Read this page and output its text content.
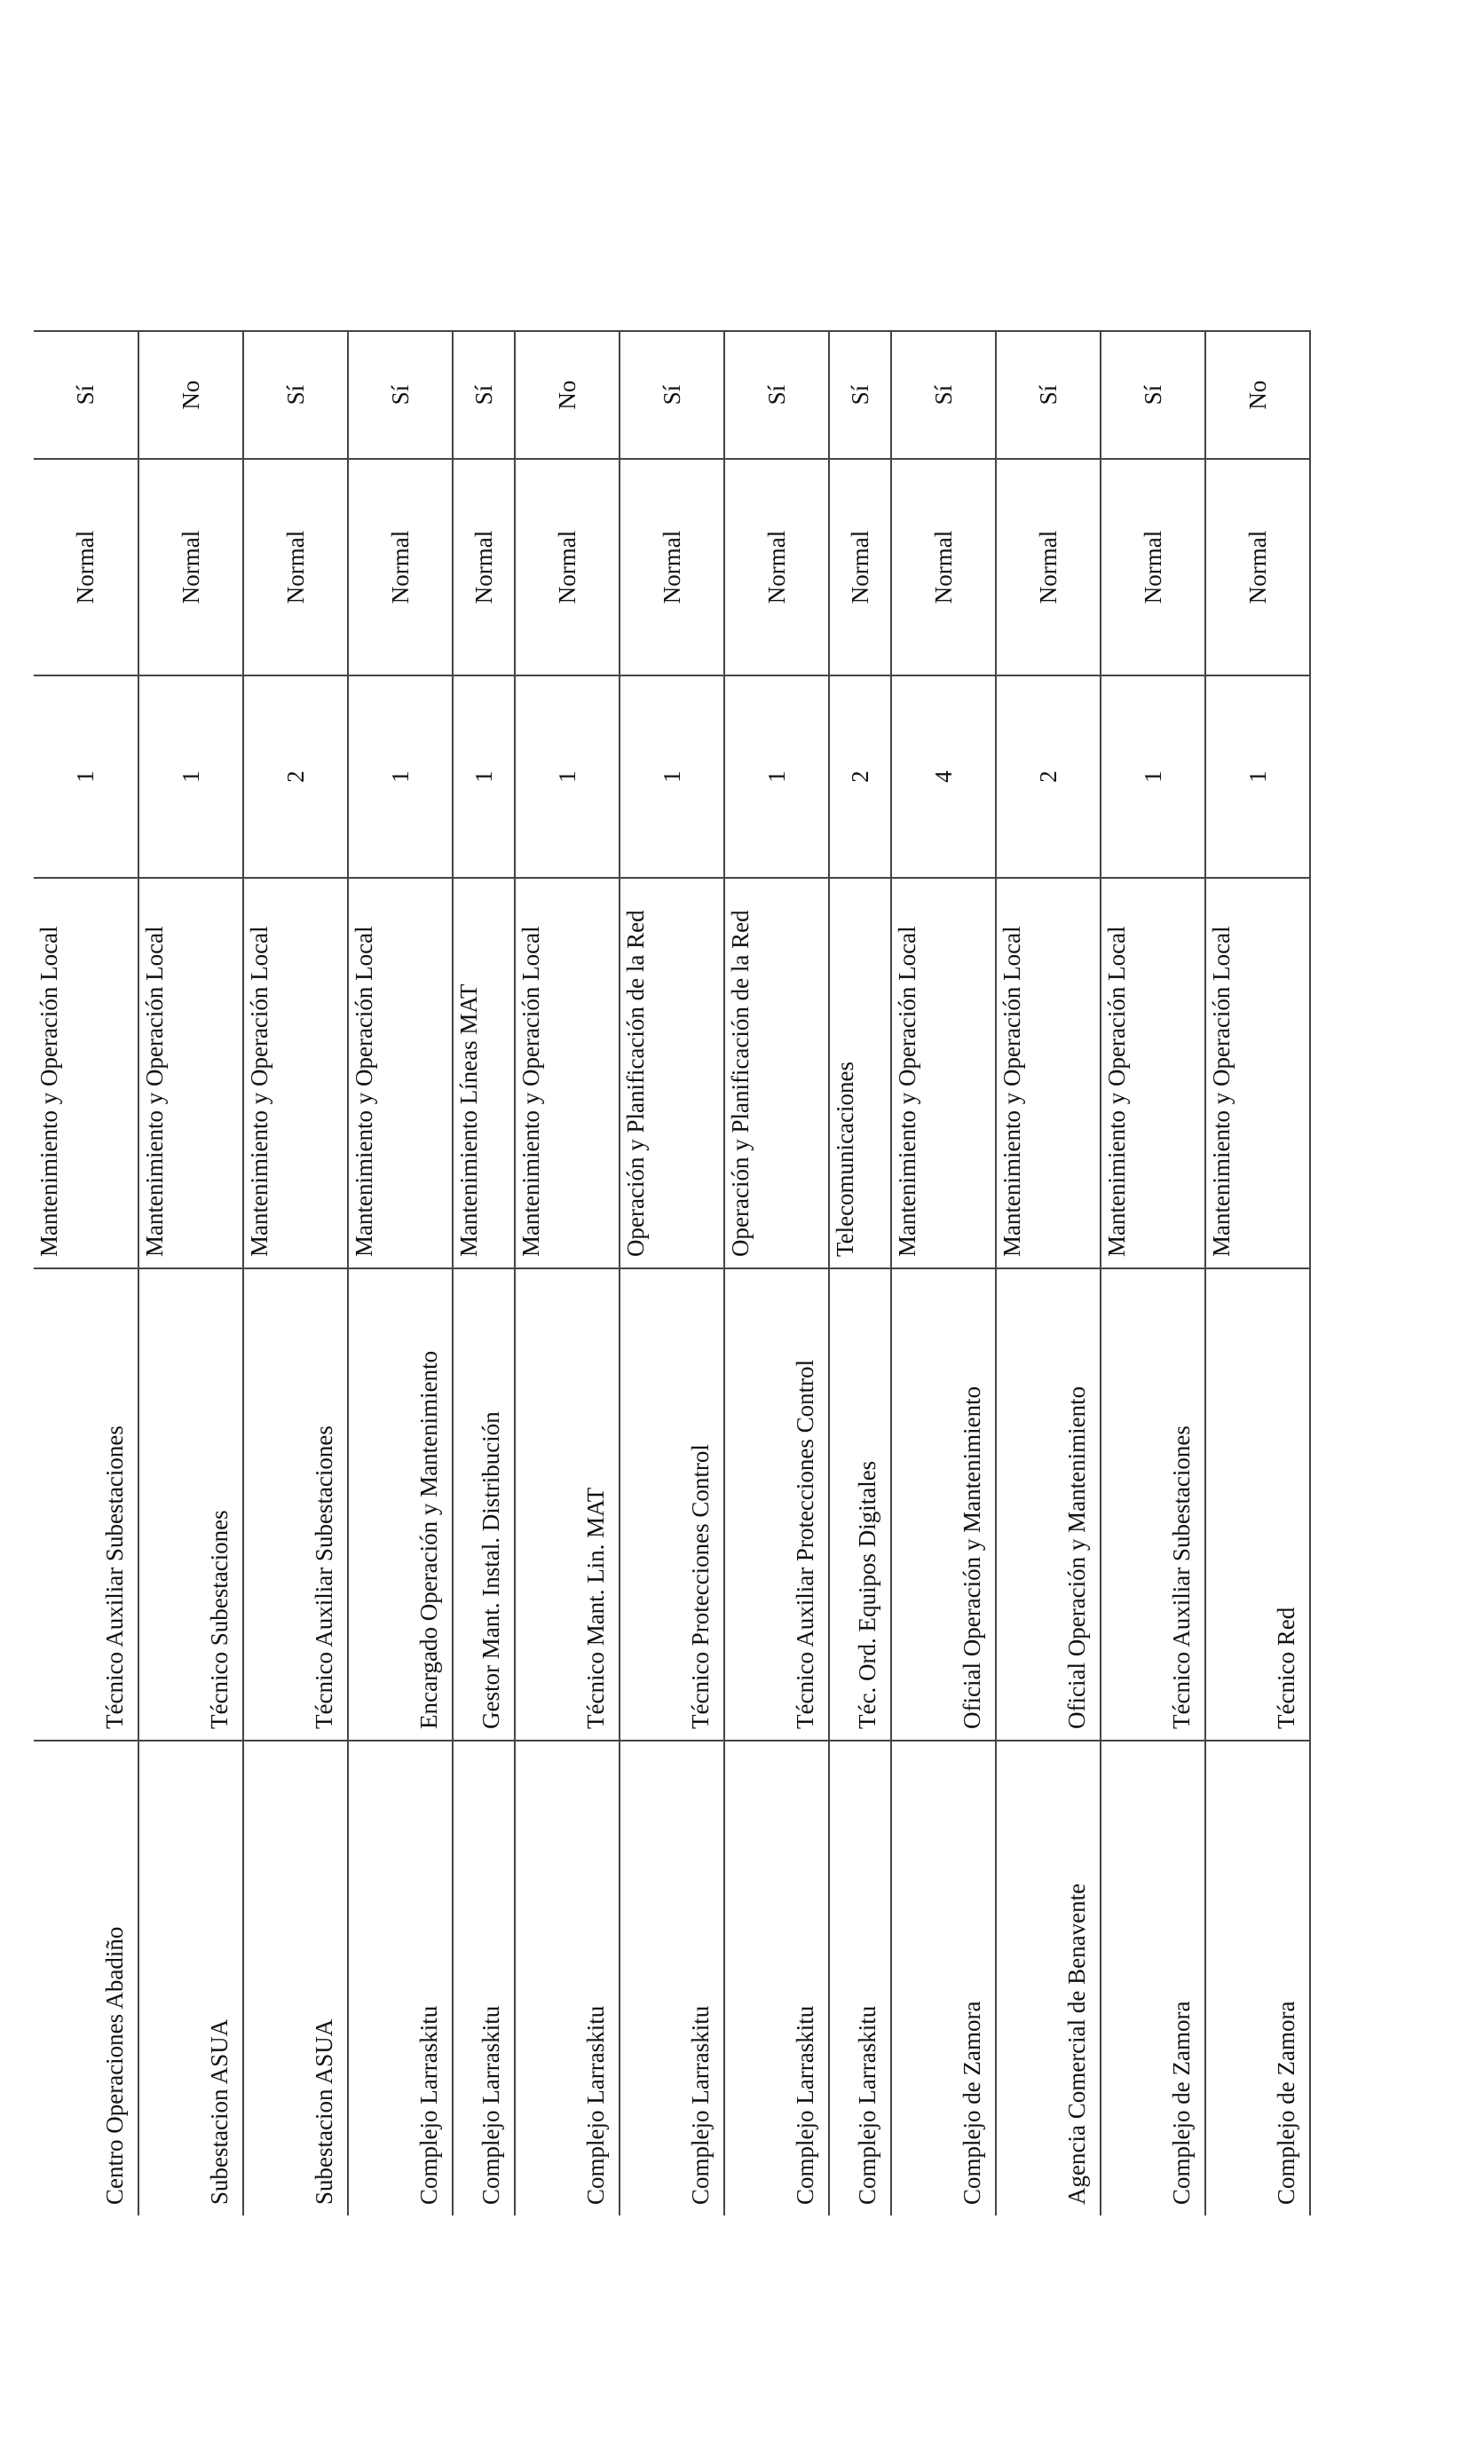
Centro Operaciones Abadiño	Técnico Auxiliar Subestaciones	Mantenimiento y Operación Local	1	Normal	Sí
Subestacion ASUA	Técnico Subestaciones	Mantenimiento y Operación Local	1	Normal	No
Subestacion ASUA	Técnico Auxiliar Subestaciones	Mantenimiento y Operación Local	2	Normal	Sí
Complejo Larraskitu	Encargado Operación y Mantenimiento	Mantenimiento y Operación Local	1	Normal	Sí
Complejo Larraskitu	Gestor Mant. Instal. Distribución	Mantenimiento Líneas MAT	1	Normal	Sí
Complejo Larraskitu	Técnico Mant. Lin. MAT	Mantenimiento y Operación Local	1	Normal	No
Complejo Larraskitu	Técnico Protecciones Control	Operación y Planificación de la Red	1	Normal	Sí
Complejo Larraskitu	Técnico Auxiliar Protecciones Control	Operación y Planificación de la Red	1	Normal	Sí
Complejo Larraskitu	Téc. Ord. Equipos Digitales	Telecomunicaciones	2	Normal	Sí
Complejo de Zamora	Oficial Operación y Mantenimiento	Mantenimiento y Operación Local	4	Normal	Sí
Agencia Comercial de Benavente	Oficial Operación y Mantenimiento	Mantenimiento y Operación Local	2	Normal	Sí
Complejo de Zamora	Técnico Auxiliar Subestaciones	Mantenimiento y Operación Local	1	Normal	Sí
Complejo de Zamora	Técnico Red	Mantenimiento y Operación Local	1	Normal	No
